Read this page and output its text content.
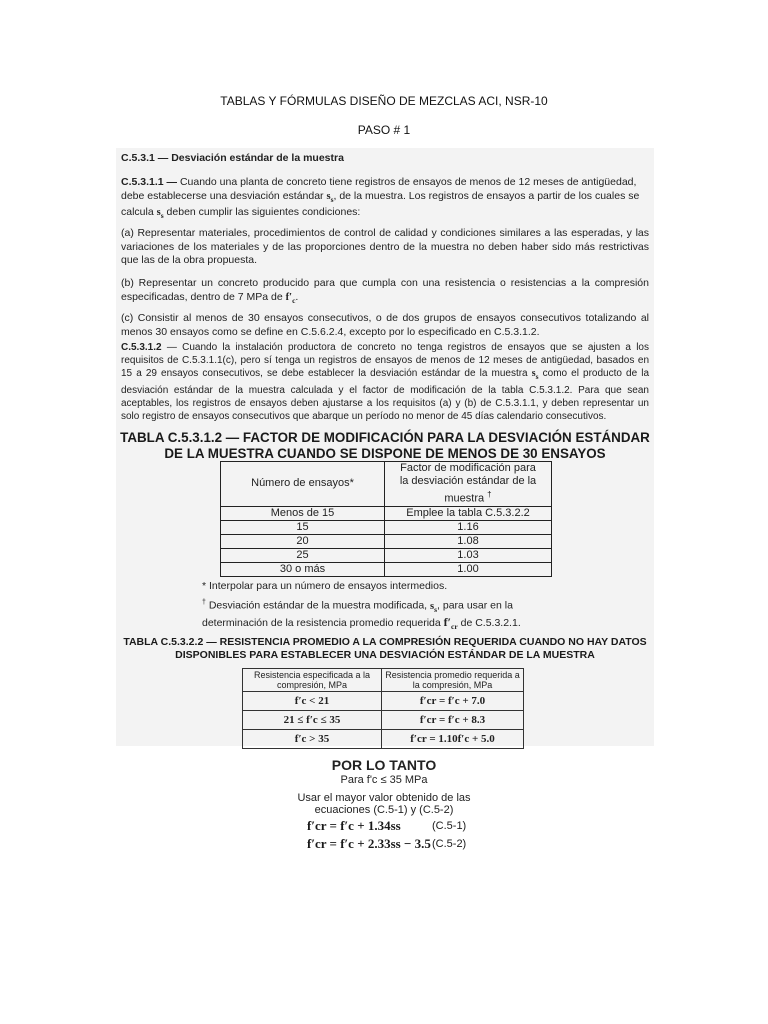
TABLAS Y FÓRMULAS DISEÑO DE MEZCLAS ACI, NSR-10
PASO # 1
C.5.3.1 — Desviación estándar de la muestra
C.5.3.1.1 — Cuando una planta de concreto tiene registros de ensayos de menos de 12 meses de antigüedad,
debe establecerse una desviación estándar $s_s$, de la muestra. Los registros de ensayos a partir de los cuales se
calcula $s_s$ deben cumplir las siguientes condiciones:
(a) Representar materiales, procedimientos de control de calidad y condiciones similares a las esperadas, y las variaciones de los materiales y de las proporciones dentro de la muestra no deben haber sido más restrictivas que las de la obra propuesta.
(b) Representar un concreto producido para que cumpla con una resistencia o resistencias a la compresión especificadas, dentro de 7 MPa de $f'_c$.
(c) Consistir al menos de 30 ensayos consecutivos, o de dos grupos de ensayos consecutivos totalizando al menos 30 ensayos como se define en C.5.6.2.4, excepto por lo especificado en C.5.3.1.2.
C.5.3.1.2 — Cuando la instalación productora de concreto no tenga registros de ensayos que se ajusten a los requisitos de C.5.3.1.1(c), pero sí tenga un registros de ensayos de menos de 12 meses de antigüedad, basados en 15 a 29 ensayos consecutivos, se debe establecer la desviación estándar de la muestra $s_s$ como el producto de la desviación estándar de la muestra calculada y el factor de modificación de la tabla C.5.3.1.2. Para que sean aceptables, los registros de ensayos deben ajustarse a los requisitos (a) y (b) de C.5.3.1.1, y deben representar un solo registro de ensayos consecutivos que abarque un período no menor de 45 días calendario consecutivos.
TABLA C.5.3.1.2 — FACTOR DE MODIFICACIÓN PARA LA DESVIACIÓN ESTÁNDAR
DE LA MUESTRA CUANDO SE DISPONE DE MENOS DE 30 ENSAYOS
Número de ensayos*	Factor de modificación para
la desviación estándar de la
muestra †
Menos de 15	Emplee la tabla C.5.3.2.2
15	1.16
20	1.08
25	1.03
30 o más	1.00
* Interpolar para un número de ensayos intermedios.
† Desviación estándar de la muestra modificada, $s_s$, para usar en la
determinación de la resistencia promedio requerida $f'_{cr}$ de C.5.3.2.1.
TABLA C.5.3.2.2 — RESISTENCIA PROMEDIO A LA COMPRESIÓN REQUERIDA CUANDO NO HAY DATOS
DISPONIBLES PARA ESTABLECER UNA DESVIACIÓN ESTÁNDAR DE LA MUESTRA
Resistencia especificada a la compresión, MPa	Resistencia promedio requerida a la compresión, MPa
f′c < 21	f′cr = f′c + 7.0
21 ≤ f′c ≤ 35	f′cr = f′c + 8.3
f′c > 35	f′cr = 1.10f′c + 5.0
POR LO TANTO
Para f'c ≤ 35 MPa
Usar el mayor valor obtenido de las
ecuaciones (C.5-1) y (C.5-2)
f′cr = f′c + 1.34ss	(C.5-1)
f′cr = f′c + 2.33ss − 3.5 (C.5-2)
